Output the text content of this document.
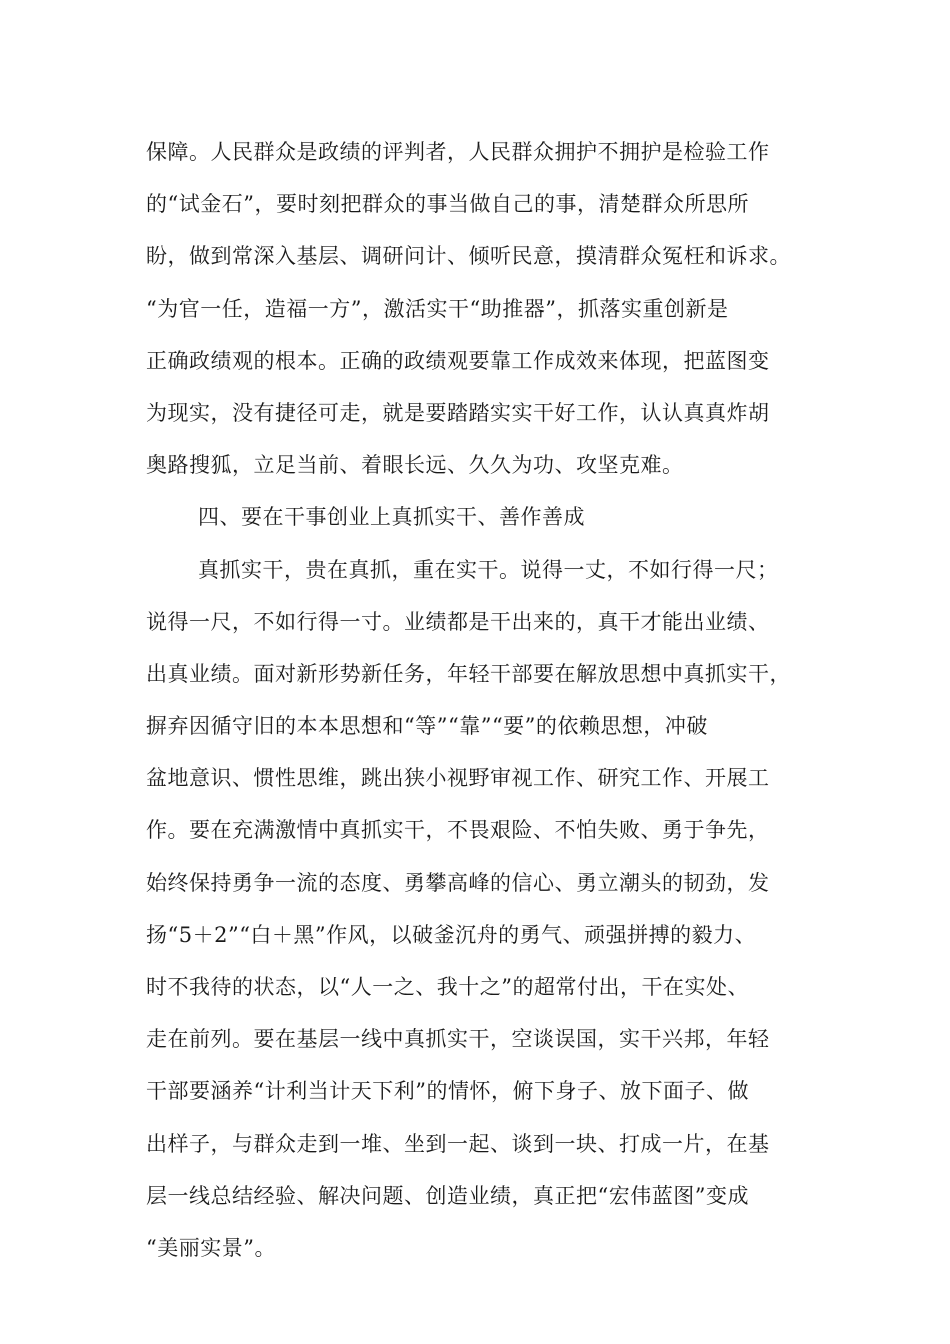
保障。人民群众是政绩的评判者，人民群众拥护不拥护是检验工作
的“试金石”，要时刻把群众的事当做自己的事，清楚群众所思所
盼，做到常深入基层、调研问计、倾听民意，摸清群众冤枉和诉求。
“为官一任，造福一方”，激活实干“助推器”，抓落实重创新是
正确政绩观的根本。正确的政绩观要靠工作成效来体现，把蓝图变
为现实，没有捷径可走，就是要踏踏实实干好工作，认认真真炸胡
奥路搜狐，立足当前、着眼长远、久久为功、攻坚克难。
四、要在干事创业上真抓实干、善作善成
真抓实干，贵在真抓，重在实干。说得一丈，不如行得一尺；
说得一尺，不如行得一寸。业绩都是干出来的，真干才能出业绩、
出真业绩。面对新形势新任务，年轻干部要在解放思想中真抓实干，
摒弃因循守旧的本本思想和“等”“靠”“要”的依赖思想，冲破
盆地意识、惯性思维，跳出狭小视野审视工作、研究工作、开展工
作。要在充满激情中真抓实干，不畏艰险、不怕失败、勇于争先，
始终保持勇争一流的态度、勇攀高峰的信心、勇立潮头的韧劲，发
扬“5＋2”“白＋黑”作风，以破釜沉舟的勇气、顽强拼搏的毅力、
时不我待的状态，以“人一之、我十之”的超常付出，干在实处、
走在前列。要在基层一线中真抓实干，空谈误国，实干兴邦，年轻
干部要涵养“计利当计天下利”的情怀，俯下身子、放下面子、做
出样子，与群众走到一堆、坐到一起、谈到一块、打成一片，在基
层一线总结经验、解决问题、创造业绩，真正把“宏伟蓝图”变成
“美丽实景”。
